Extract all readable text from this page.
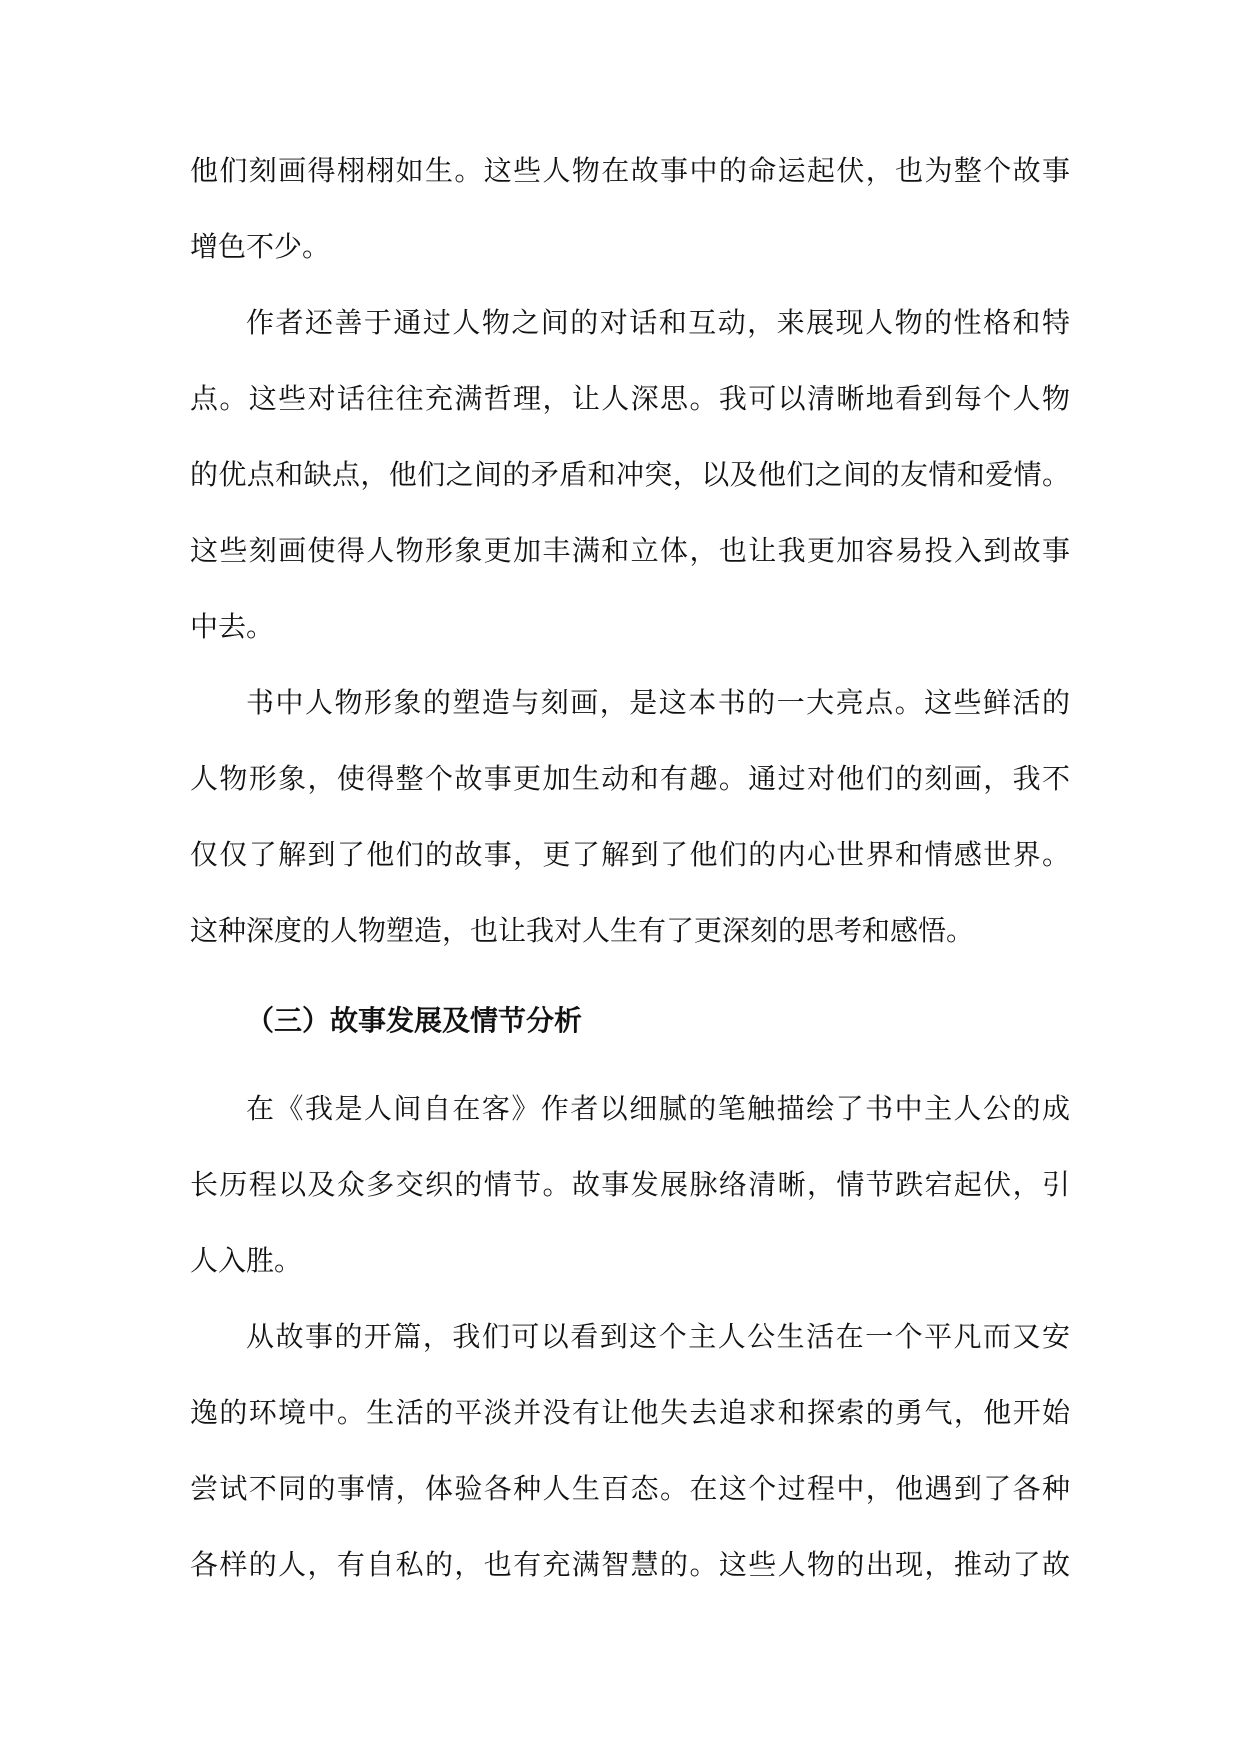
他们刻画得栩栩如生。这些人物在故事中的命运起伏，也为整个故事
增色不少。
作者还善于通过人物之间的对话和互动，来展现人物的性格和特
点。这些对话往往充满哲理，让人深思。我可以清晰地看到每个人物
的优点和缺点，他们之间的矛盾和冲突，以及他们之间的友情和爱情。
这些刻画使得人物形象更加丰满和立体，也让我更加容易投入到故事
中去。
书中人物形象的塑造与刻画，是这本书的一大亮点。这些鲜活的
人物形象，使得整个故事更加生动和有趣。通过对他们的刻画，我不
仅仅了解到了他们的故事，更了解到了他们的内心世界和情感世界。
这种深度的人物塑造，也让我对人生有了更深刻的思考和感悟。
（三）故事发展及情节分析
在《我是人间自在客》作者以细腻的笔触描绘了书中主人公的成
长历程以及众多交织的情节。故事发展脉络清晰，情节跌宕起伏，引
人入胜。
从故事的开篇，我们可以看到这个主人公生活在一个平凡而又安
逸的环境中。生活的平淡并没有让他失去追求和探索的勇气，他开始
尝试不同的事情，体验各种人生百态。在这个过程中，他遇到了各种
各样的人，有自私的，也有充满智慧的。这些人物的出现，推动了故
